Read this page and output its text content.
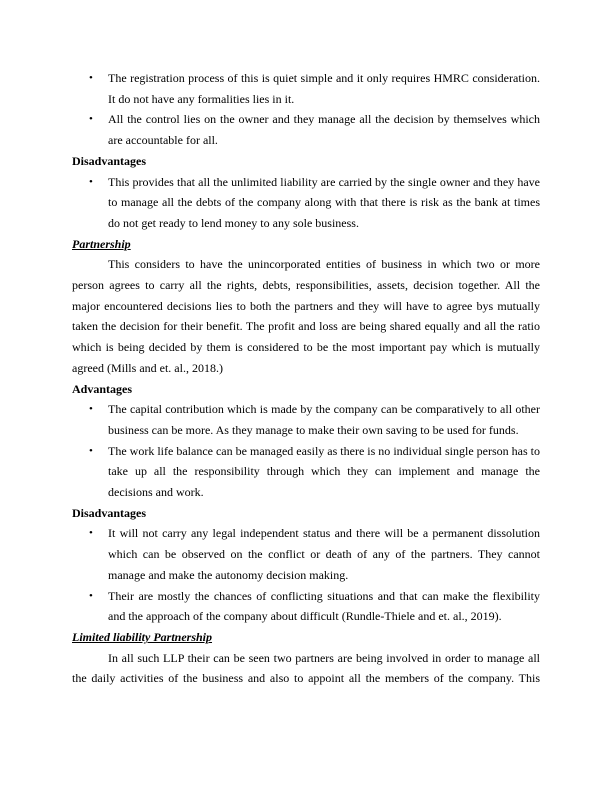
• The registration process of this is quiet simple and it only requires HMRC consideration. It do not have any formalities lies in it.
• All the control lies on the owner and they manage all the decision by themselves which are accountable for all.
Disadvantages
• This provides that all the unlimited liability are carried by the single owner and they have to manage all the debts of the company along with that there is risk as the bank at times do not get ready to lend money to any sole business.
Partnership

This considers to have the unincorporated entities of business in which two or more person agrees to carry all the rights, debts, responsibilities, assets, decision together. All the major encountered decisions lies to both the partners and they will have to agree bys mutually taken the decision for their benefit. The profit and loss are being shared equally and all the ratio which is being decided by them is considered to be the most important pay which is mutually agreed (Mills and et. al., 2018.)

Advantages
• The capital contribution which is made by the company can be comparatively to all other business can be more. As they manage to make their own saving to be used for funds.
• The work life balance can be managed easily as there is no individual single person has to take up all the responsibility through which they can implement and manage the decisions and work.
Disadvantages
• It will not carry any legal independent status and there will be a permanent dissolution which can be observed on the conflict or death of any of the partners. They cannot manage and make the autonomy decision making.
• Their are mostly the chances of conflicting situations and that can make the flexibility and the approach of the company about difficult (Rundle-Thiele and et. al., 2019).
Limited liability Partnership

In all such LLP their can be seen two partners are being involved in order to manage all the daily activities of the business and also to appoint all the members of the company. This
